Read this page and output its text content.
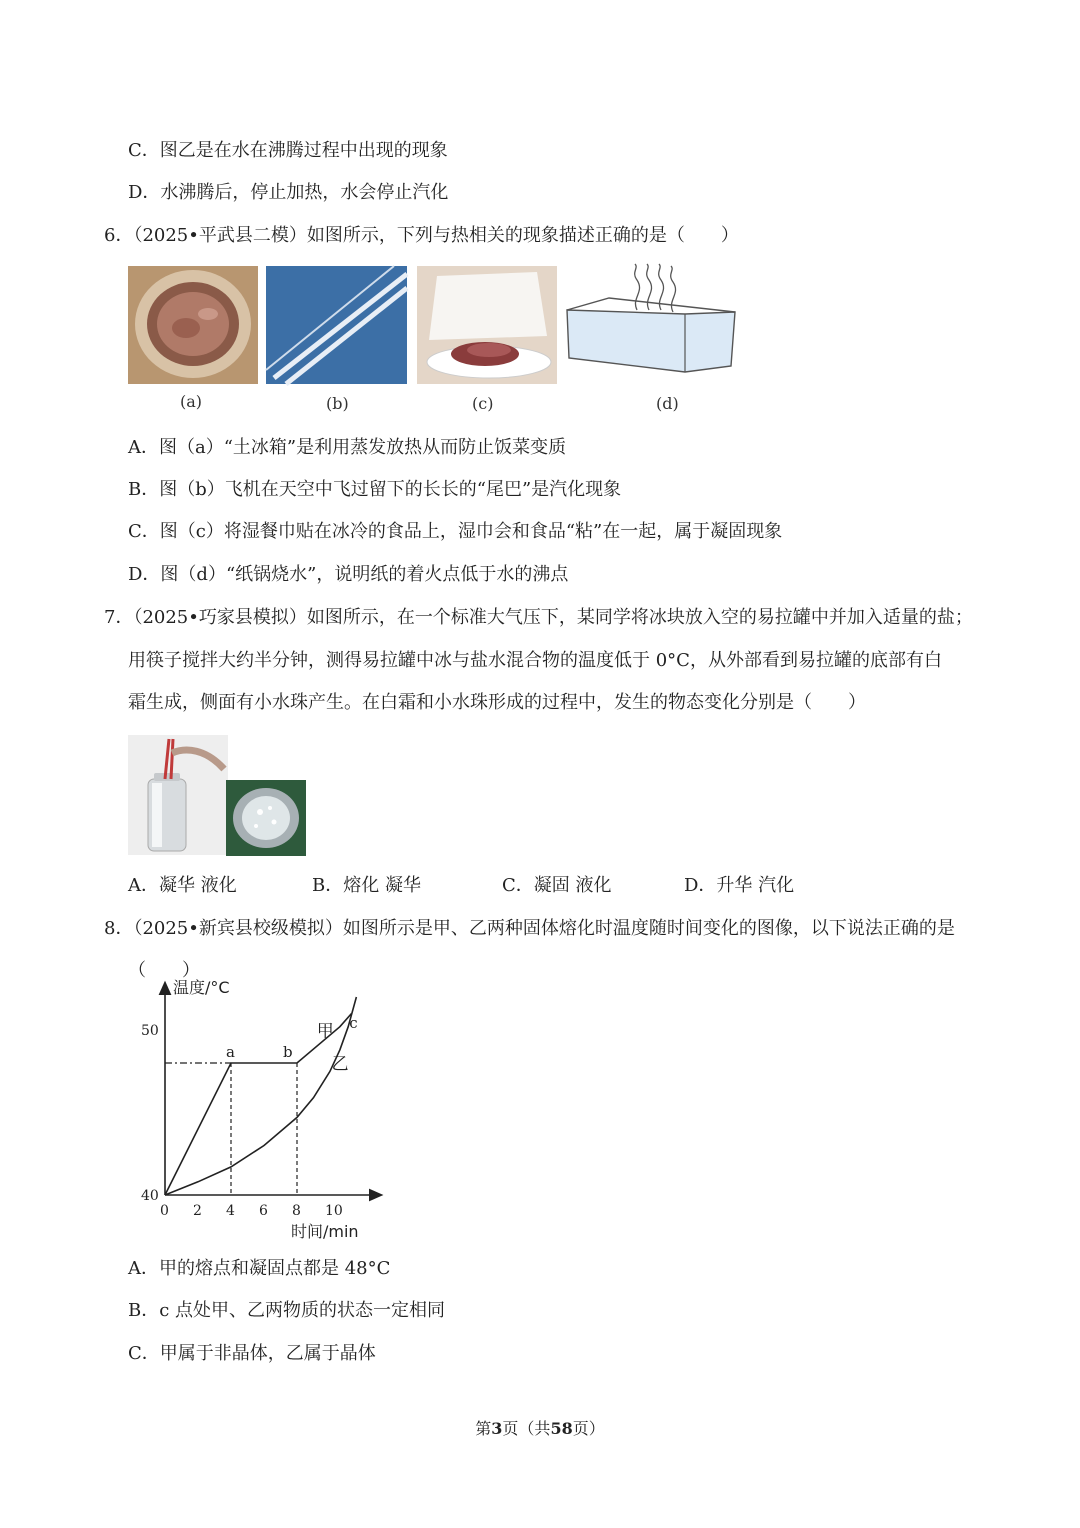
C．图乙是在水在沸腾过程中出现的现象
D．水沸腾后，停止加热，水会停止汽化
6．（2025•平武县二模）如图所示，下列与热相关的现象描述正确的是（　　）
(a)	(b)	(c)	(d)
A．图（a）“土冰箱”是利用蒸发放热从而防止饭菜变质
B．图（b）飞机在天空中飞过留下的长长的“尾巴”是汽化现象
C．图（c）将湿餐巾贴在冰冷的食品上，湿巾会和食品“粘”在一起，属于凝固现象
D．图（d）“纸锅烧水”，说明纸的着火点低于水的沸点
7．（2025•巧家县模拟）如图所示，在一个标准大气压下，某同学将冰块放入空的易拉罐中并加入适量的盐；
用筷子搅拌大约半分钟，测得易拉罐中冰与盐水混合物的温度低于 0°C，从外部看到易拉罐的底部有白
霜生成，侧面有小水珠产生。在白霜和小水珠形成的过程中，发生的物态变化分别是（　　）
A．凝华 液化	B．熔化 凝华	C．凝固 液化	D．升华 汽化
8．（2025•新宾县校级模拟）如图所示是甲、乙两种固体熔化时温度随时间变化的图像，以下说法正确的是
（　　）
温度/°C
时间/min
0 2 4 6 8 10
40
50	甲
乙
a	b
c
A．甲的熔点和凝固点都是 48°C
B．c 点处甲、乙两物质的状态一定相同
C．甲属于非晶体，乙属于晶体
第3页（共58页）
